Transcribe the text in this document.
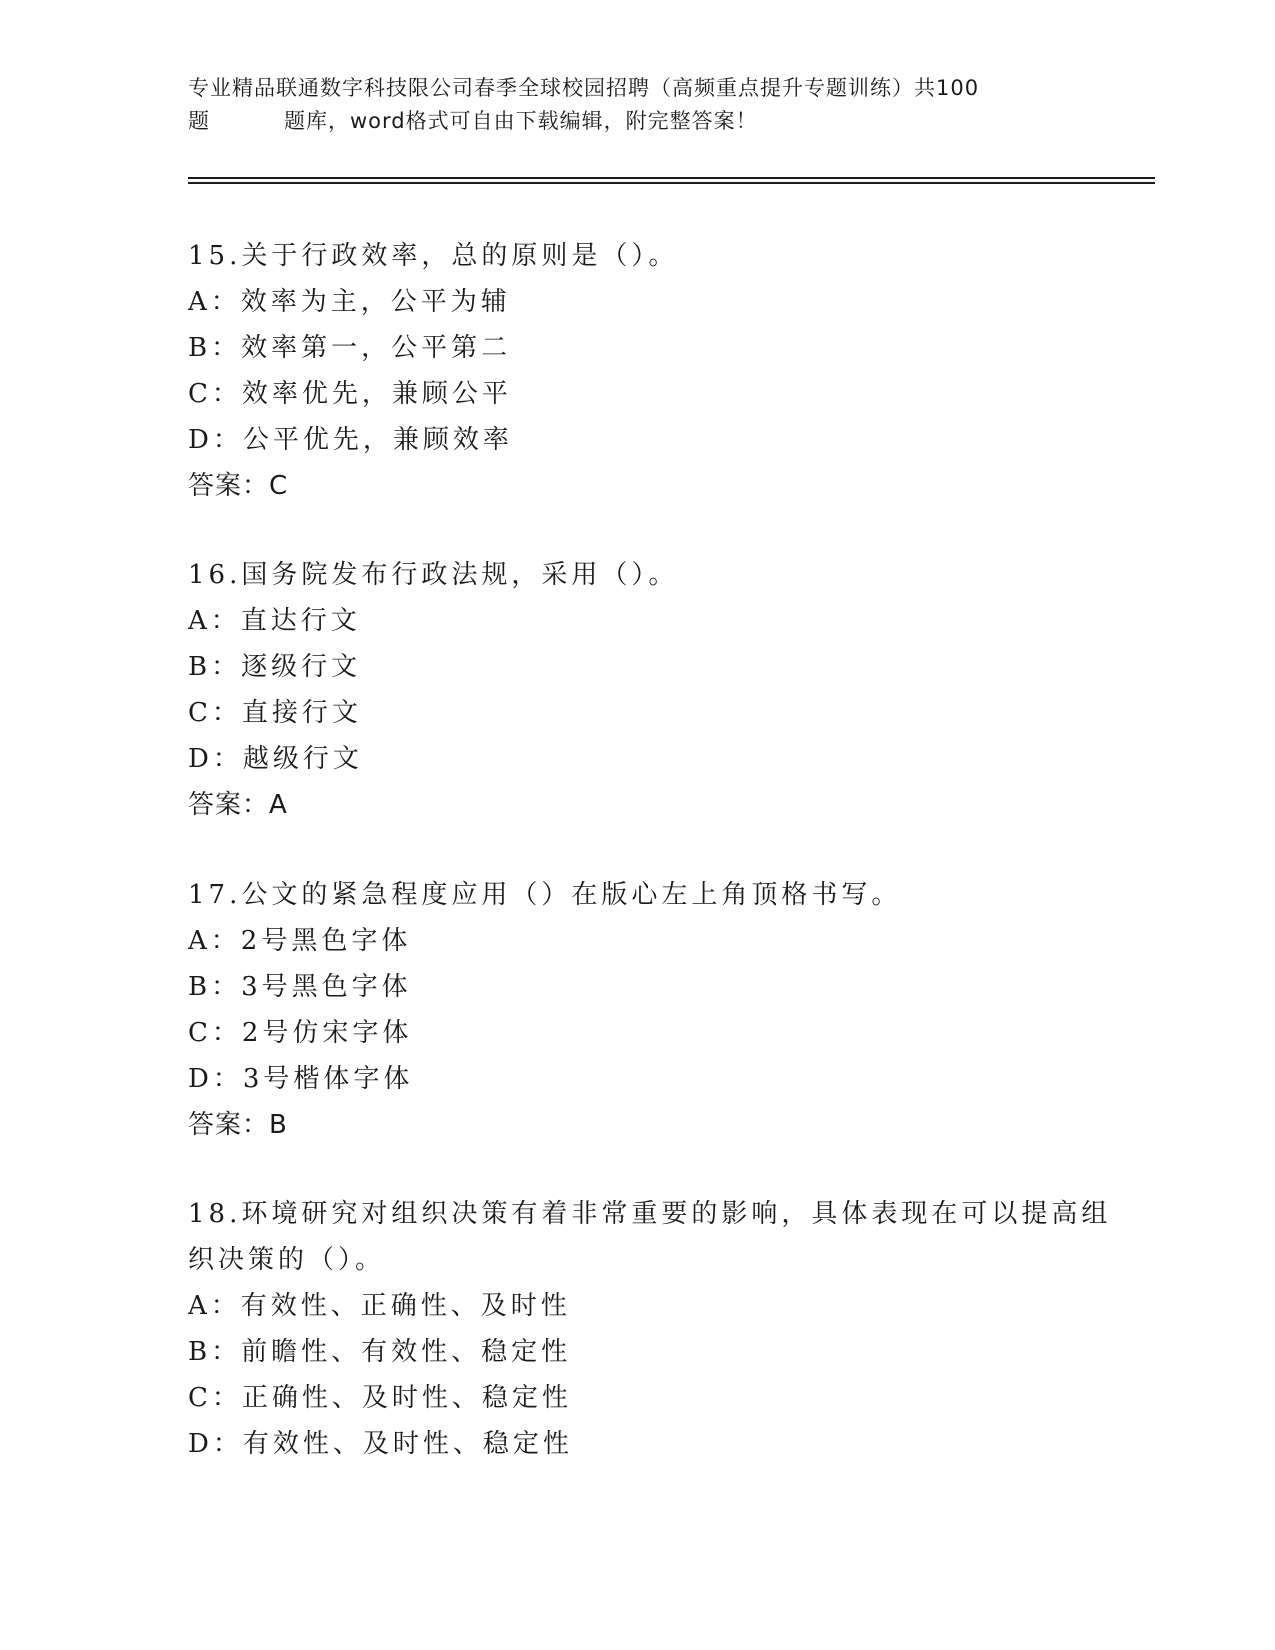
专业精品联通数字科技限公司春季全球校园招聘（高频重点提升专题训练）共100
题	题库，word格式可自由下载编辑，附完整答案！
15.关于行政效率，总的原则是（）。
A：效率为主，公平为辅
B：效率第一，公平第二
C：效率优先，兼顾公平
D：公平优先，兼顾效率
答案：C
16.国务院发布行政法规，采用（）。
A：直达行文
B：逐级行文
C：直接行文
D：越级行文
答案：A
17.公文的紧急程度应用（）在版心左上角顶格书写。
A：2号黑色字体
B：3号黑色字体
C：2号仿宋字体
D：3号楷体字体
答案：B
18.环境研究对组织决策有着非常重要的影响，具体表现在可以提高组
织决策的（）。
A：有效性、正确性、及时性
B：前瞻性、有效性、稳定性
C：正确性、及时性、稳定性
D：有效性、及时性、稳定性
